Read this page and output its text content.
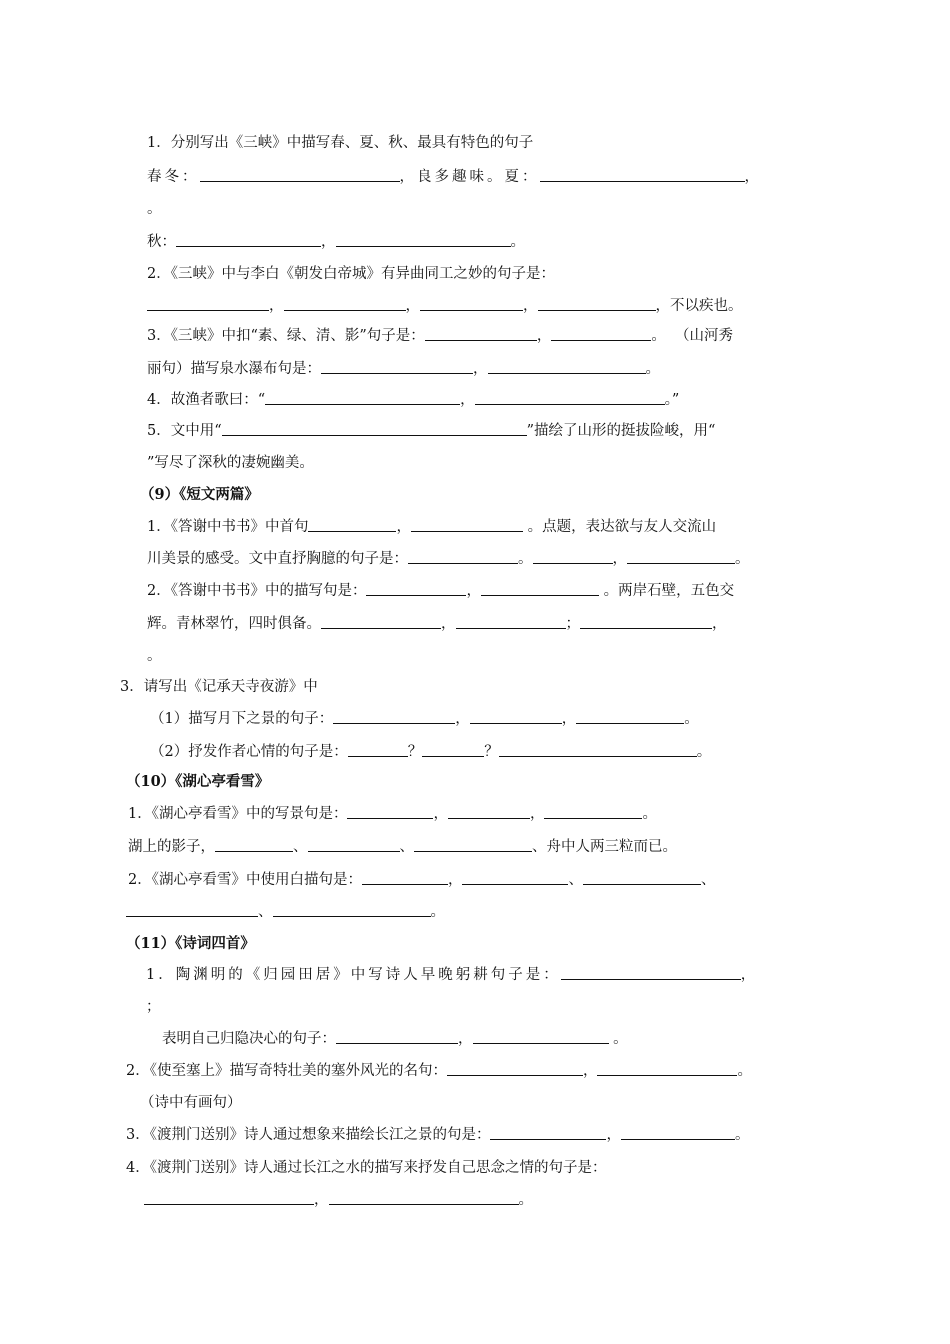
1．分别写出《三峡》中描写春、夏、秋、最具有特色的句子
春冬：	，良多趣味。夏：	，
。
秋：	，	。
2．《三峡》中与李白《朝发白帝城》有异曲同工之妙的句子是：
，	，	，	，不以疾也。
3．《三峡》中扣“素、绿、清、影”句子是：	，	。 （山河秀
丽句）描写泉水瀑布句是：	，	。
4．故渔者歌曰：“	，	。”
5．文中用“	”描绘了山形的挺拔险峻，用“
”写尽了深秋的凄婉幽美。
（9）《短文两篇》
1．《答谢中书书》中首句	，	。点题，表达欲与友人交流山
川美景的感受。文中直抒胸臆的句子是：	。	，	。
2．《答谢中书书》中的描写句是：	，	。两岸石壁，五色交
辉。青林翠竹，四时俱备。	，	；	，
。
3．请写出《记承天寺夜游》中
（1）描写月下之景的句子：	，	，	。
（2）抒发作者心情的句子是：	？	？	。
（10）《湖心亭看雪》
1．《湖心亭看雪》中的写景句是：	，	，	。
湖上的影子，	、	、	、舟中人两三粒而已。
2．《湖心亭看雪》中使用白描句是：	，	、	、
、	。
（11）《诗词四首》
1．陶渊明的《归园田居》中写诗人早晚躬耕句子是：	，
；
表明自己归隐决心的句子：	，	。
2．《使至塞上》描写奇特壮美的塞外风光的名句：	，	。
（诗中有画句）
3．《渡荆门送别》诗人通过想象来描绘长江之景的句是：	，	。
4．《渡荆门送别》诗人通过长江之水的描写来抒发自己思念之情的句子是：
，	。
